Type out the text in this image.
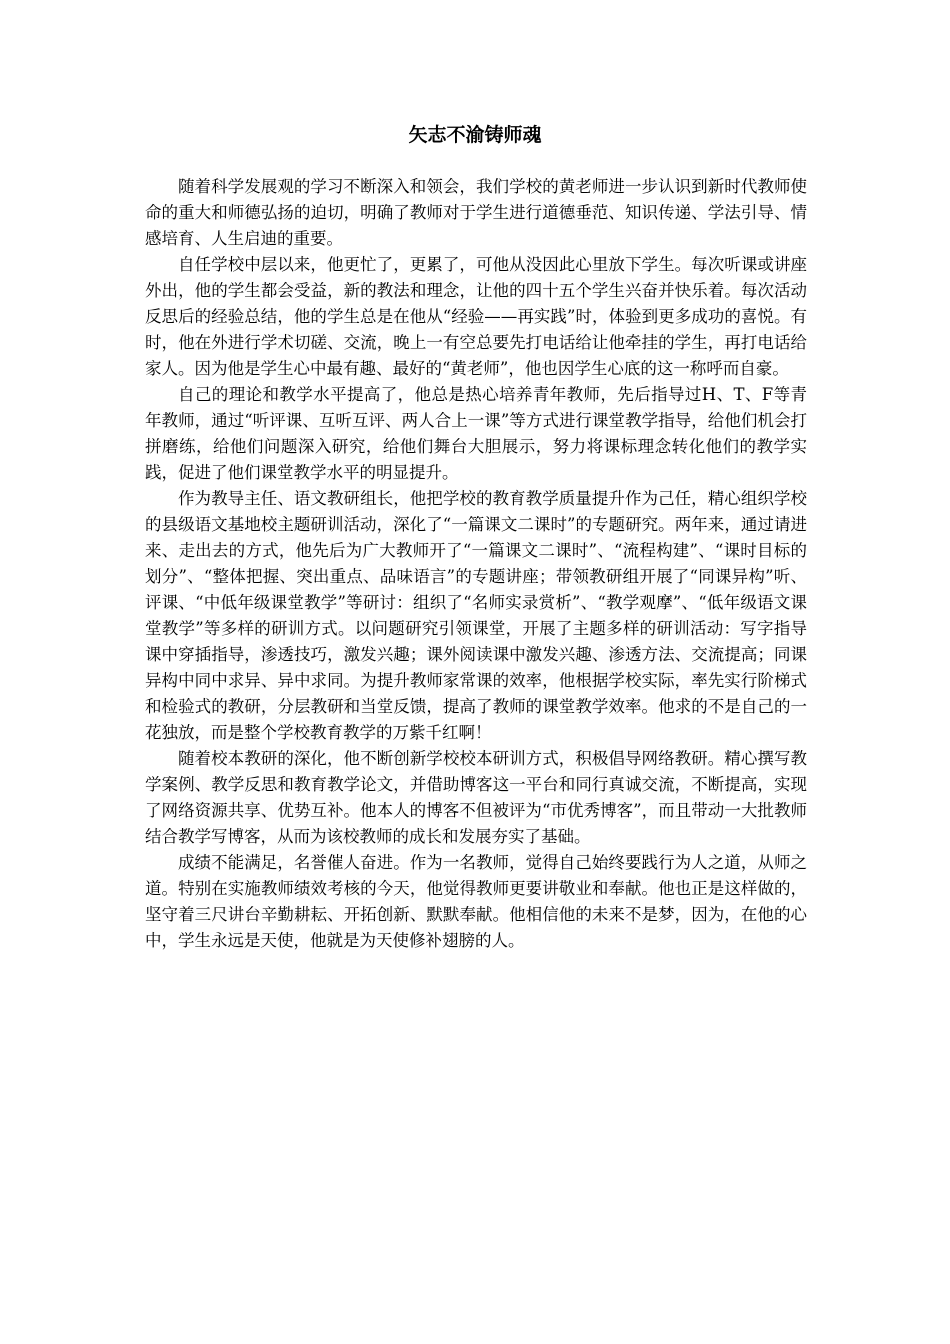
矢志不渝铸师魂

随着科学发展观的学习不断深入和领会，我们学校的黄老师进一步认识到新时代教师使命的重大和师德弘扬的迫切，明确了教师对于学生进行道德垂范、知识传递、学法引导、情感培育、人生启迪的重要。

自任学校中层以来，他更忙了，更累了，可他从没因此心里放下学生。每次听课或讲座外出，他的学生都会受益，新的教法和理念，让他的四十五个学生兴奋并快乐着。每次活动反思后的经验总结，他的学生总是在他从“经验——再实践”时，体验到更多成功的喜悦。有时，他在外进行学术切磋、交流，晚上一有空总要先打电话给让他牵挂的学生，再打电话给家人。因为他是学生心中最有趣、最好的“黄老师”，他也因学生心底的这一称呼而自豪。

自己的理论和教学水平提高了，他总是热心培养青年教师，先后指导过H、T、F等青年教师，通过“听评课、互听互评、两人合上一课”等方式进行课堂教学指导，给他们机会打拼磨练，给他们问题深入研究，给他们舞台大胆展示，努力将课标理念转化他们的教学实践，促进了他们课堂教学水平的明显提升。

作为教导主任、语文教研组长，他把学校的教育教学质量提升作为己任，精心组织学校的县级语文基地校主题研训活动，深化了“一篇课文二课时”的专题研究。两年来，通过请进来、走出去的方式，他先后为广大教师开了“一篇课文二课时”、“流程构建”、“课时目标的划分”、“整体把握、突出重点、品味语言”的专题讲座；带领教研组开展了“同课异构”听、评课、“中低年级课堂教学”等研讨：组织了“名师实录赏析”、“教学观摩”、“低年级语文课堂教学”等多样的研训方式。以问题研究引领课堂，开展了主题多样的研训活动：写字指导课中穿插指导，渗透技巧，激发兴趣；课外阅读课中激发兴趣、渗透方法、交流提高；同课异构中同中求异、异中求同。为提升教师家常课的效率，他根据学校实际，率先实行阶梯式和检验式的教研，分层教研和当堂反馈，提高了教师的课堂教学效率。他求的不是自己的一花独放，而是整个学校教育教学的万紫千红啊！

随着校本教研的深化，他不断创新学校校本研训方式，积极倡导网络教研。精心撰写教学案例、教学反思和教育教学论文，并借助博客这一平台和同行真诚交流，不断提高，实现了网络资源共享、优势互补。他本人的博客不但被评为“市优秀博客”，而且带动一大批教师结合教学写博客，从而为该校教师的成长和发展夯实了基础。

成绩不能满足，名誉催人奋进。作为一名教师，觉得自己始终要践行为人之道，从师之道。特别在实施教师绩效考核的今天，他觉得教师更要讲敬业和奉献。他也正是这样做的，坚守着三尺讲台辛勤耕耘、开拓创新、默默奉献。他相信他的未来不是梦，因为，在他的心中，学生永远是天使，他就是为天使修补翅膀的人。
